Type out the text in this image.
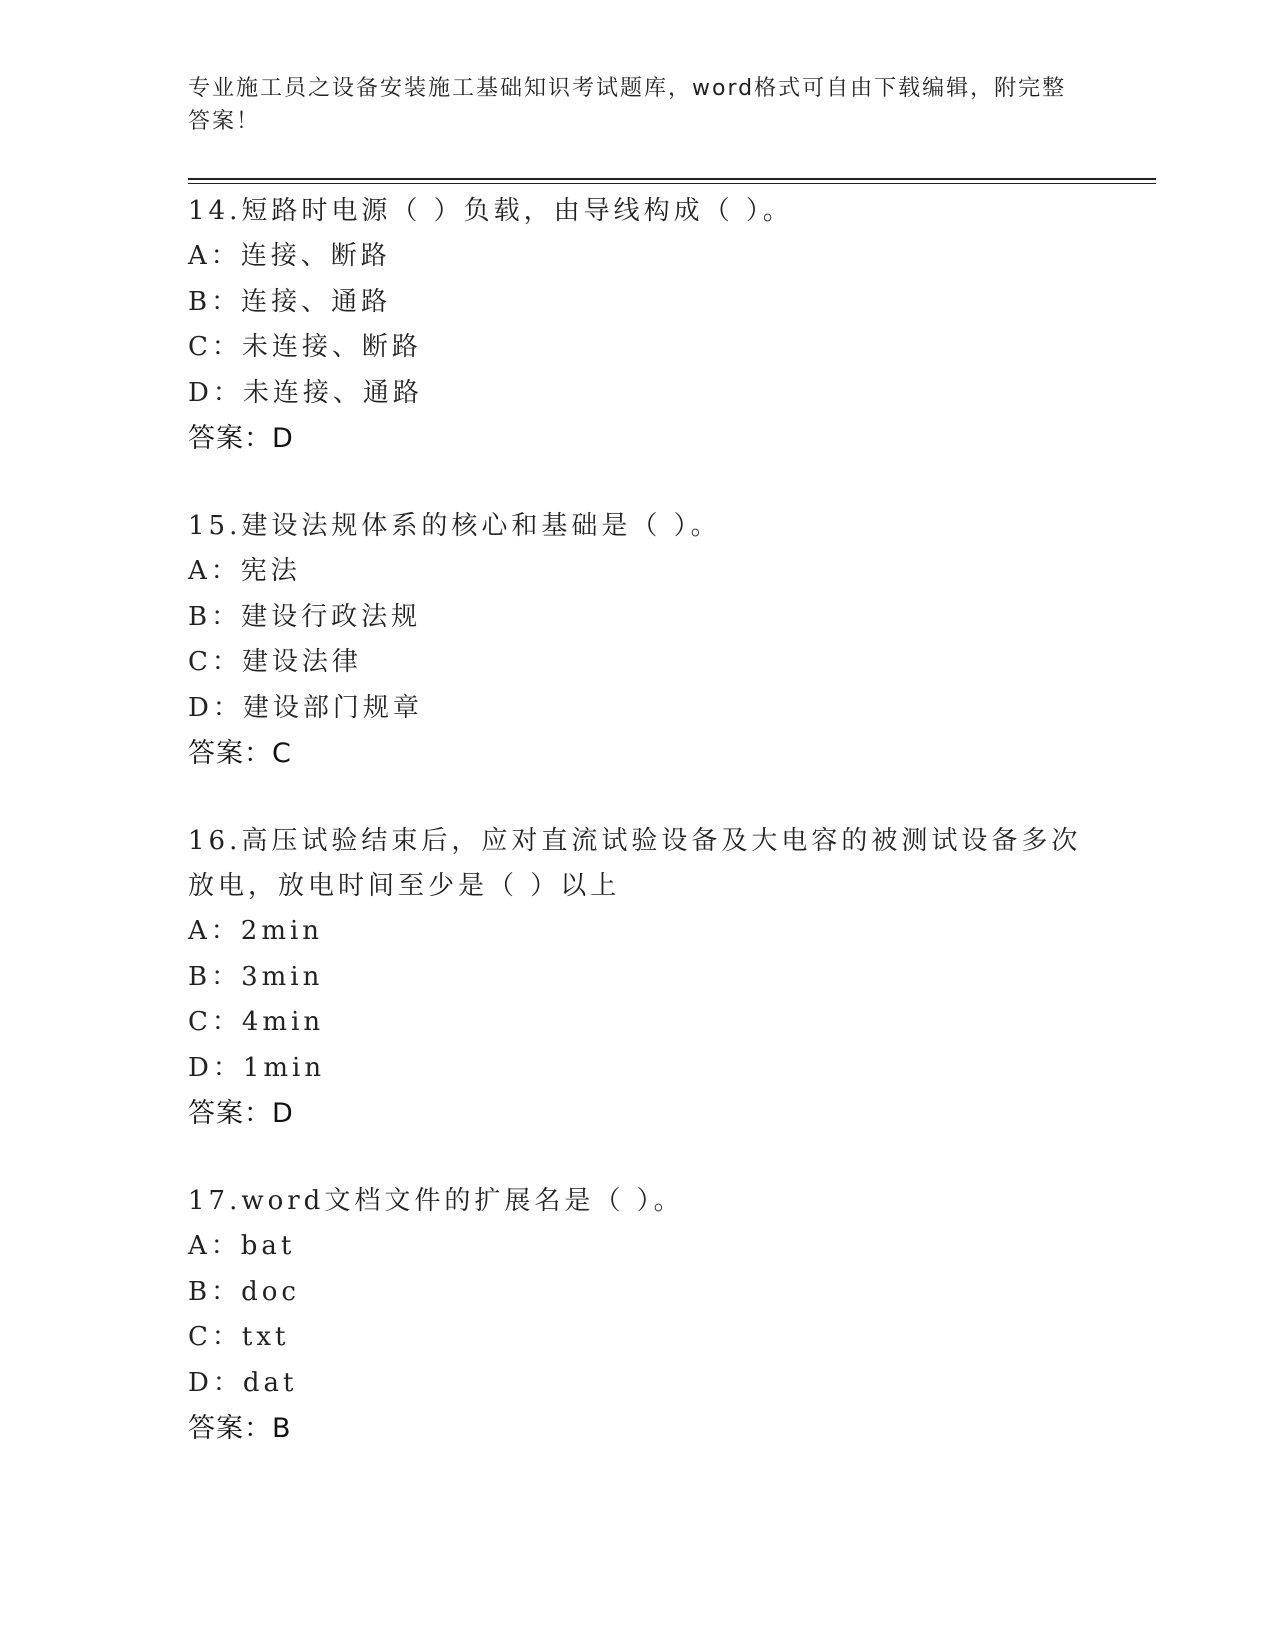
专业施工员之设备安装施工基础知识考试题库，word格式可自由下载编辑，附完整答案！
14.短路时电源（ ）负载，由导线构成（ ）。
A：连接、断路
B：连接、通路
C：未连接、断路
D：未连接、通路
答案：D
15.建设法规体系的核心和基础是（ ）。
A：宪法
B：建设行政法规
C：建设法律
D：建设部门规章
答案：C
16.高压试验结束后，应对直流试验设备及大电容的被测试设备多次放电，放电时间至少是（ ）以上
A：2min
B：3min
C：4min
D：1min
答案：D
17.word文档文件的扩展名是（ ）。
A：bat
B：doc
C：txt
D：dat
答案：B
